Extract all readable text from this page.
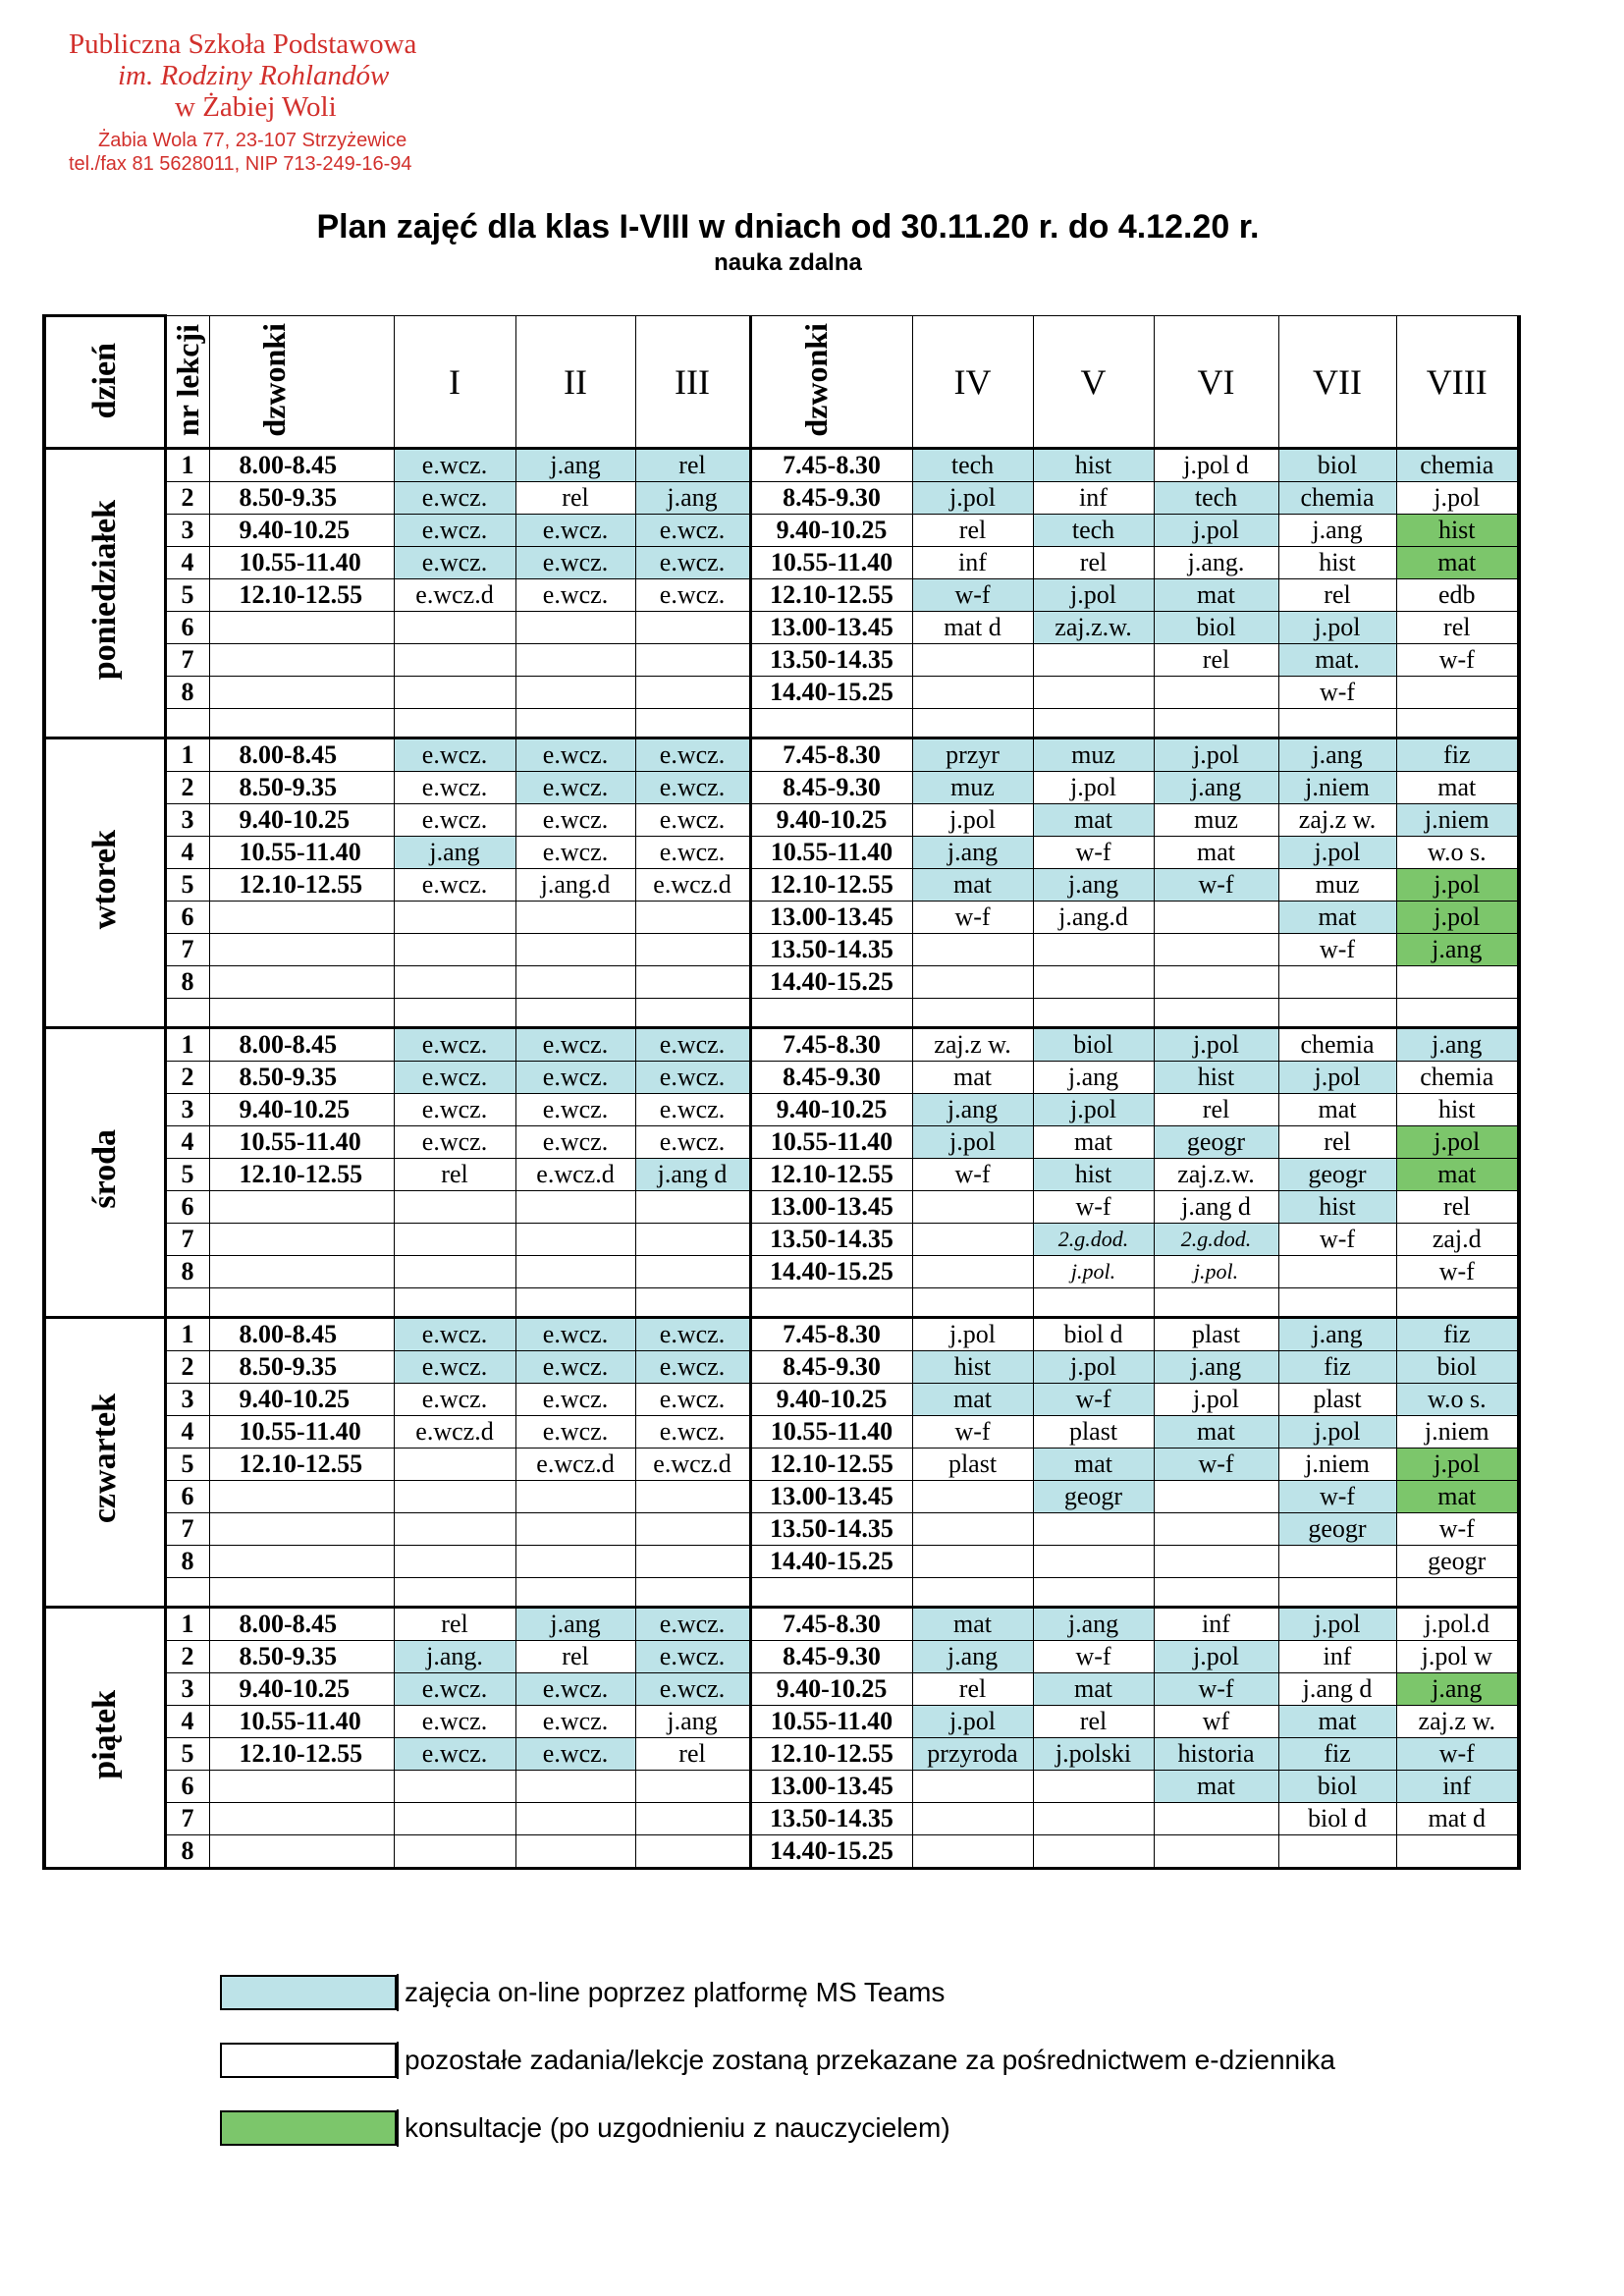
Publiczna Szkoła Podstawowa
im. Rodziny Rohlandów
w Żabiej Woli
Żabia Wola 77, 23-107 Strzyżewice
tel./fax 81 5628011, NIP 713-249-16-94
Plan zajęć dla klas I-VIII w dniach od 30.11.20 r. do 4.12.20 r.
nauka zdalna
dzień	nr lekcji	dzwonki	I	II	III	dzwonki	IV	V	VI	VII	VIII
poniedziałek	1	8.00-8.45	e.wcz.	j.ang	rel	7.45-8.30	tech	hist	j.pol d	biol	chemia
	2	8.50-9.35	e.wcz.	rel	j.ang	8.45-9.30	j.pol	inf	tech	chemia	j.pol
	3	9.40-10.25	e.wcz.	e.wcz.	e.wcz.	9.40-10.25	rel	tech	j.pol	j.ang	hist
	4	10.55-11.40	e.wcz.	e.wcz.	e.wcz.	10.55-11.40	inf	rel	j.ang.	hist	mat
	5	12.10-12.55	e.wcz.d	e.wcz.	e.wcz.	12.10-12.55	w-f	j.pol	mat	rel	edb
	6					13.00-13.45	mat d	zaj.z.w.	biol	j.pol	rel
	7					13.50-14.35			rel	mat.	w-f
	8					14.40-15.25				w-f	

wtorek	1	8.00-8.45	e.wcz.	e.wcz.	e.wcz.	7.45-8.30	przyr	muz	j.pol	j.ang	fiz
	2	8.50-9.35	e.wcz.	e.wcz.	e.wcz.	8.45-9.30	muz	j.pol	j.ang	j.niem	mat
	3	9.40-10.25	e.wcz.	e.wcz.	e.wcz.	9.40-10.25	j.pol	mat	muz	zaj.z w.	j.niem
	4	10.55-11.40	j.ang	e.wcz.	e.wcz.	10.55-11.40	j.ang	w-f	mat	j.pol	w.o s.
	5	12.10-12.55	e.wcz.	j.ang.d	e.wcz.d	12.10-12.55	mat	j.ang	w-f	muz	j.pol
	6					13.00-13.45	w-f	j.ang.d		mat	j.pol
	7					13.50-14.35				w-f	j.ang
	8					14.40-15.25					

środa	1	8.00-8.45	e.wcz.	e.wcz.	e.wcz.	7.45-8.30	zaj.z w.	biol	j.pol	chemia	j.ang
	2	8.50-9.35	e.wcz.	e.wcz.	e.wcz.	8.45-9.30	mat	j.ang	hist	j.pol	chemia
	3	9.40-10.25	e.wcz.	e.wcz.	e.wcz.	9.40-10.25	j.ang	j.pol	rel	mat	hist
	4	10.55-11.40	e.wcz.	e.wcz.	e.wcz.	10.55-11.40	j.pol	mat	geogr	rel	j.pol
	5	12.10-12.55	rel	e.wcz.d	j.ang d	12.10-12.55	w-f	hist	zaj.z.w.	geogr	mat
	6					13.00-13.45		w-f	j.ang d	hist	rel
	7					13.50-14.35		2.g.dod.	2.g.dod.	w-f	zaj.d
	8					14.40-15.25		j.pol.	j.pol.		w-f

czwartek	1	8.00-8.45	e.wcz.	e.wcz.	e.wcz.	7.45-8.30	j.pol	biol d	plast	j.ang	fiz
	2	8.50-9.35	e.wcz.	e.wcz.	e.wcz.	8.45-9.30	hist	j.pol	j.ang	fiz	biol
	3	9.40-10.25	e.wcz.	e.wcz.	e.wcz.	9.40-10.25	mat	w-f	j.pol	plast	w.o s.
	4	10.55-11.40	e.wcz.d	e.wcz.	e.wcz.	10.55-11.40	w-f	plast	mat	j.pol	j.niem
	5	12.10-12.55		e.wcz.d	e.wcz.d	12.10-12.55	plast	mat	w-f	j.niem	j.pol
	6					13.00-13.45		geogr		w-f	mat
	7					13.50-14.35				geogr	w-f
	8					14.40-15.25					geogr

piątek	1	8.00-8.45	rel	j.ang	e.wcz.	7.45-8.30	mat	j.ang	inf	j.pol	j.pol.d
	2	8.50-9.35	j.ang.	rel	e.wcz.	8.45-9.30	j.ang	w-f	j.pol	inf	j.pol w
	3	9.40-10.25	e.wcz.	e.wcz.	e.wcz.	9.40-10.25	rel	mat	w-f	j.ang d	j.ang
	4	10.55-11.40	e.wcz.	e.wcz.	j.ang	10.55-11.40	j.pol	rel	wf	mat	zaj.z w.
	5	12.10-12.55	e.wcz.	e.wcz.	rel	12.10-12.55	przyroda	j.polski	historia	fiz	w-f
	6					13.00-13.45			mat	biol	inf
	7					13.50-14.35				biol d	mat d
	8					14.40-15.25					
zajęcia on-line poprzez platformę MS Teams
pozostałe zadania/lekcje zostaną przekazane za pośrednictwem e-dziennika
konsultacje (po uzgodnieniu z nauczycielem)
